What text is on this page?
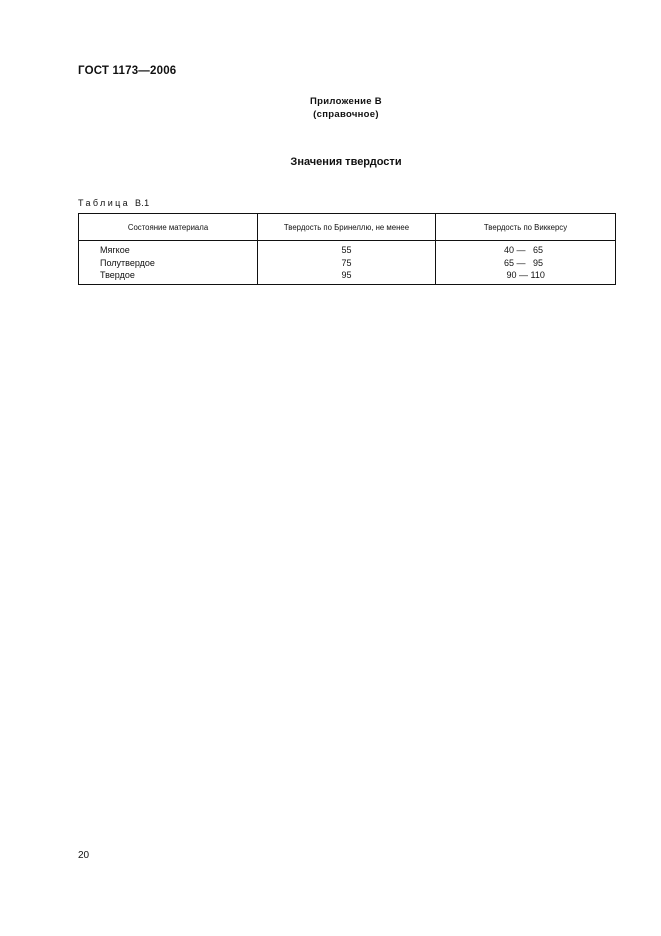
ГОСТ 1173—2006
Приложение В
(справочное)
Значения твердости
Таблица В.1
Состояние материала	Твердость по Бринеллю, не менее	Твердость по Виккерсу
Мягкое	55	40 —   65
Полутвердое	75	65 —   95
Твердое	95	90 — 110
20
